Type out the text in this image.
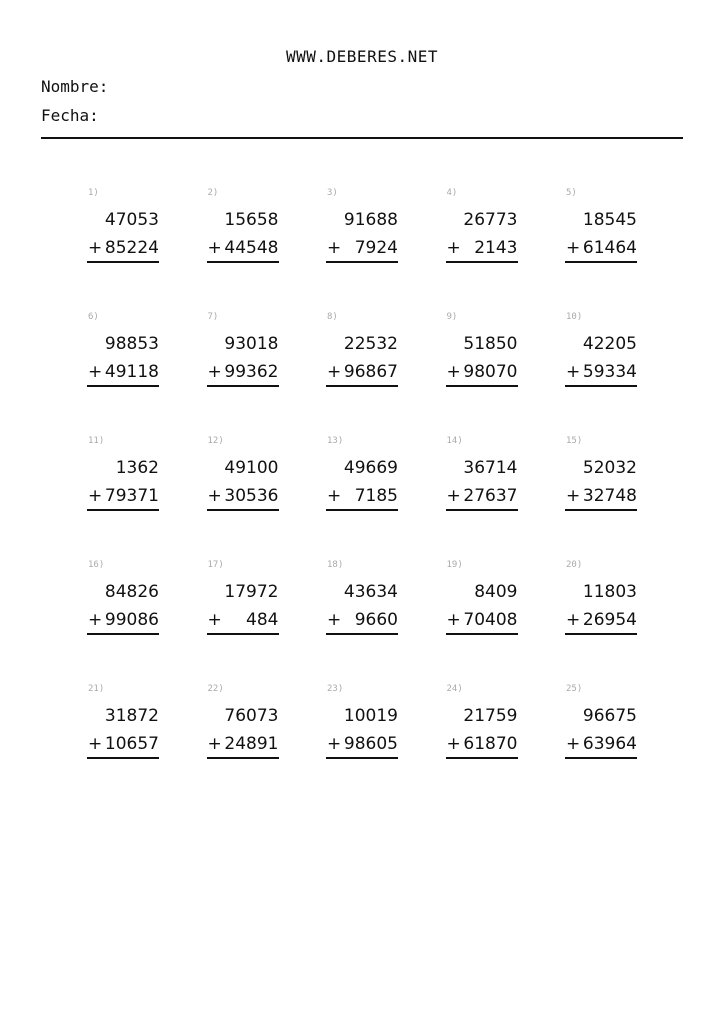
WWW.DEBERES.NET
Nombre:
Fecha:
1)
47053
+ 85224
2)
15658
+ 44548
3)
91688
+ 7924
4)
26773
+ 2143
5)
18545
+ 61464
6)
98853
+ 49118
7)
93018
+ 99362
8)
22532
+ 96867
9)
51850
+ 98070
10)
42205
+ 59334
11)
1362
+ 79371
12)
49100
+ 30536
13)
49669
+ 7185
14)
36714
+ 27637
15)
52032
+ 32748
16)
84826
+ 99086
17)
17972
+ 484
18)
43634
+ 9660
19)
8409
+ 70408
20)
11803
+ 26954
21)
31872
+ 10657
22)
76073
+ 24891
23)
10019
+ 98605
24)
21759
+ 61870
25)
96675
+ 63964
